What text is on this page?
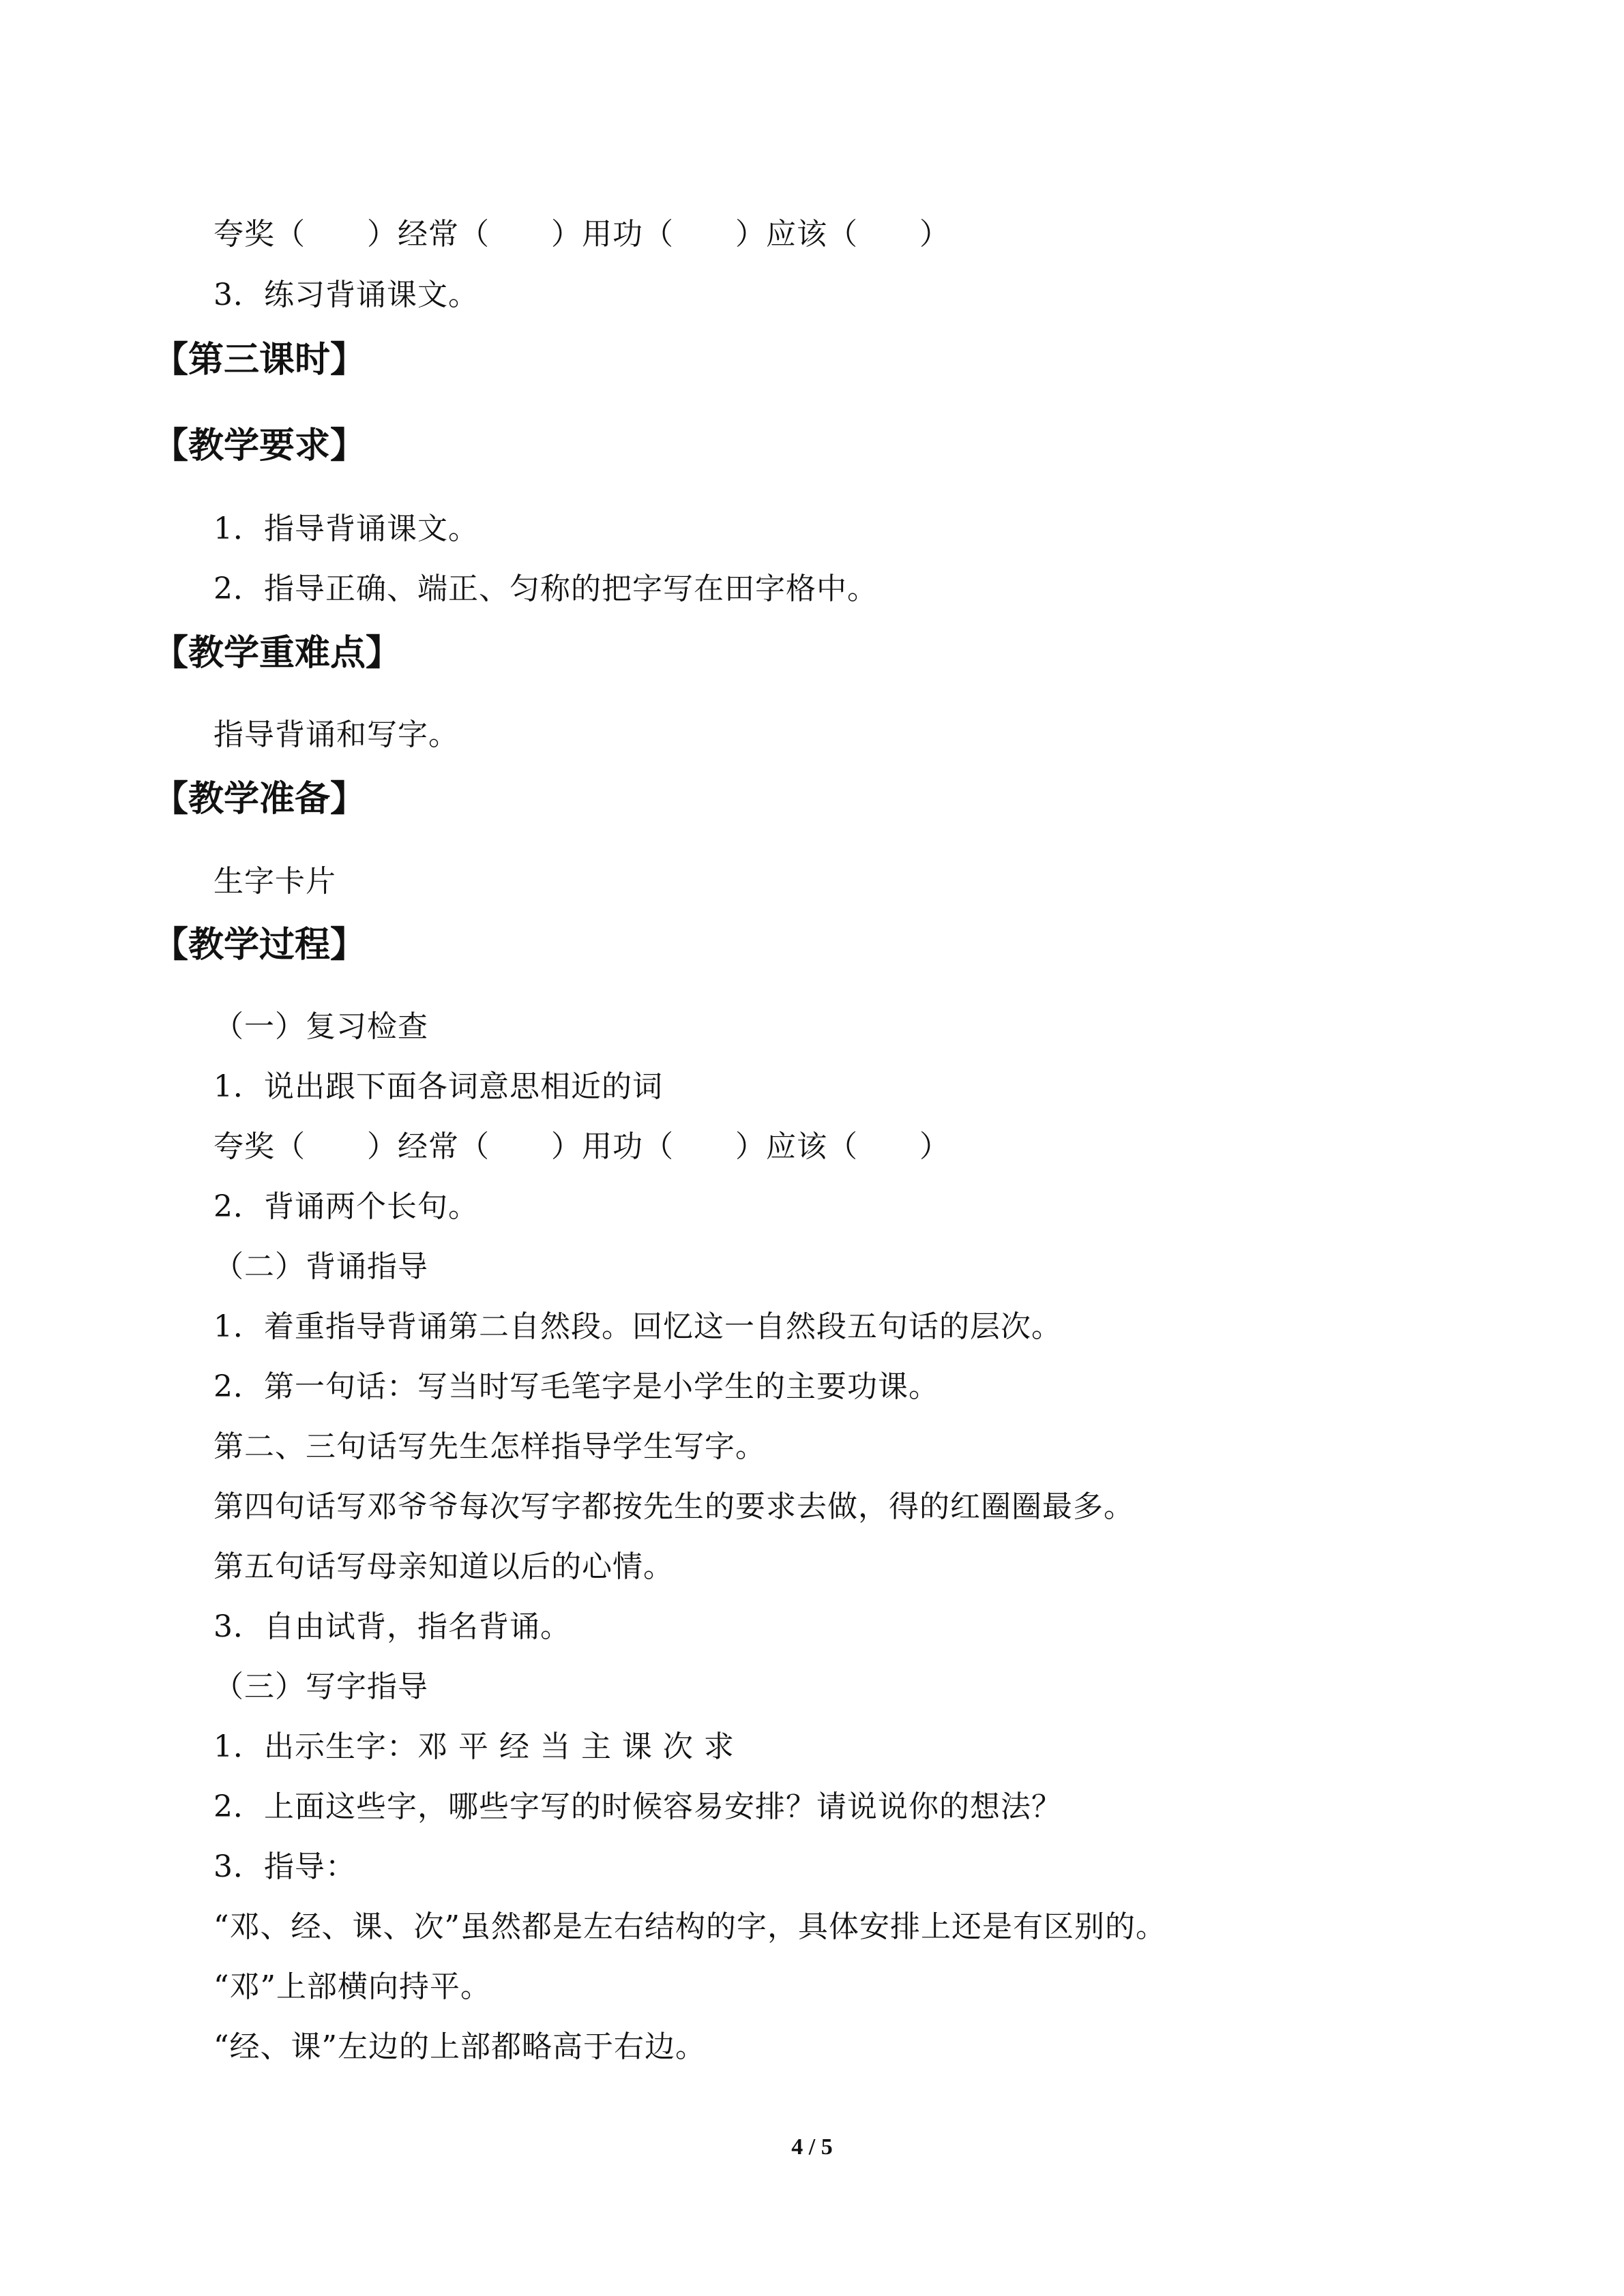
夸奖（　　）经常（　　）用功（　　）应该（　　）
3．练习背诵课文。
【第三课时】
【教学要求】
1．指导背诵课文。
2．指导正确、端正、匀称的把字写在田字格中。
【教学重难点】
指导背诵和写字。
【教学准备】
生字卡片
【教学过程】
（一）复习检查
1．说出跟下面各词意思相近的词
夸奖（　　）经常（　　）用功（　　）应该（　　）
2．背诵两个长句。
（二）背诵指导
1．着重指导背诵第二自然段。回忆这一自然段五句话的层次。
2．第一句话：写当时写毛笔字是小学生的主要功课。
第二、三句话写先生怎样指导学生写字。
第四句话写邓爷爷每次写字都按先生的要求去做，得的红圈圈最多。
第五句话写母亲知道以后的心情。
3．自由试背，指名背诵。
（三）写字指导
1．出示生字：邓 平 经 当 主 课 次 求
2．上面这些字，哪些字写的时候容易安排？请说说你的想法？
3．指导：
“邓、经、课、次”虽然都是左右结构的字，具体安排上还是有区别的。
“邓”上部横向持平。
“经、课”左边的上部都略高于右边。
4 / 5
